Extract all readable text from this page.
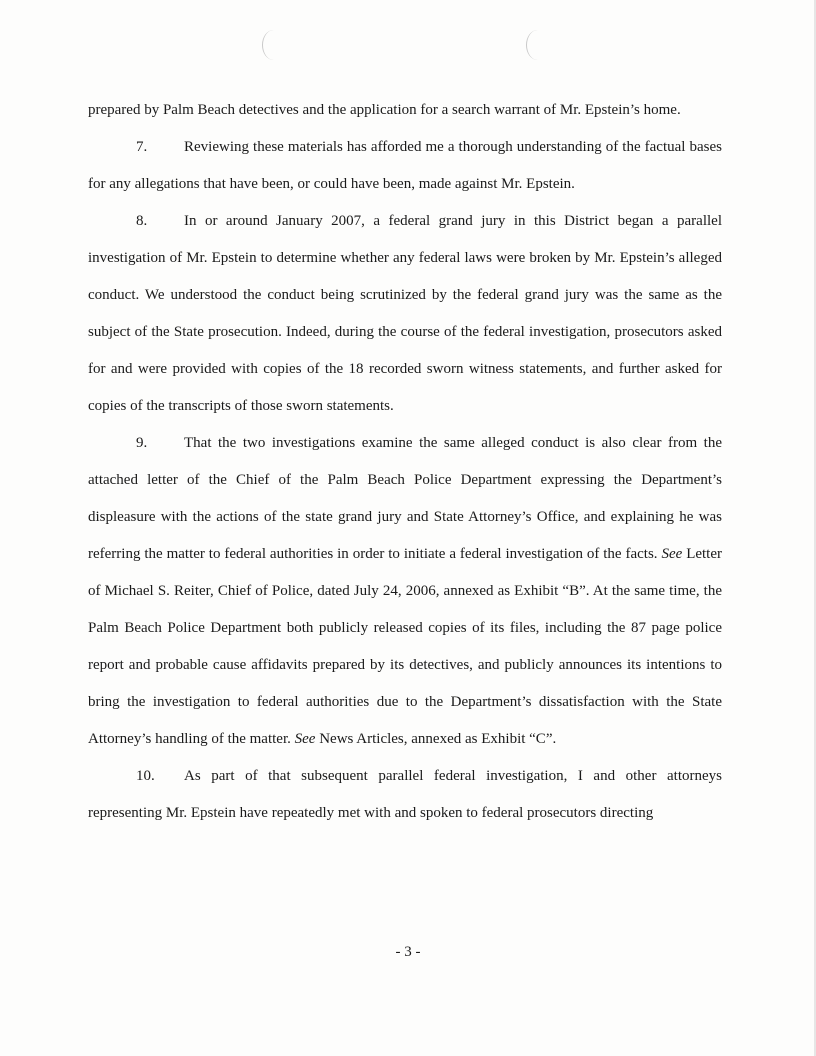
prepared by Palm Beach detectives and the application for a search warrant of Mr. Epstein’s home.

7. Reviewing these materials has afforded me a thorough understanding of the factual bases for any allegations that have been, or could have been, made against Mr. Epstein.

8. In or around January 2007, a federal grand jury in this District began a parallel investigation of Mr. Epstein to determine whether any federal laws were broken by Mr. Epstein’s alleged conduct. We understood the conduct being scrutinized by the federal grand jury was the same as the subject of the State prosecution. Indeed, during the course of the federal investigation, prosecutors asked for and were provided with copies of the 18 recorded sworn witness statements, and further asked for copies of the transcripts of those sworn statements.

9. That the two investigations examine the same alleged conduct is also clear from the attached letter of the Chief of the Palm Beach Police Department expressing the Department’s displeasure with the actions of the state grand jury and State Attorney’s Office, and explaining he was referring the matter to federal authorities in order to initiate a federal investigation of the facts. See Letter of Michael S. Reiter, Chief of Police, dated July 24, 2006, annexed as Exhibit “B”. At the same time, the Palm Beach Police Department both publicly released copies of its files, including the 87 page police report and probable cause affidavits prepared by its detectives, and publicly announces its intentions to bring the investigation to federal authorities due to the Department’s dissatisfaction with the State Attorney’s handling of the matter. See News Articles, annexed as Exhibit “C”.

10. As part of that subsequent parallel federal investigation, I and other attorneys representing Mr. Epstein have repeatedly met with and spoken to federal prosecutors directing

- 3 -
